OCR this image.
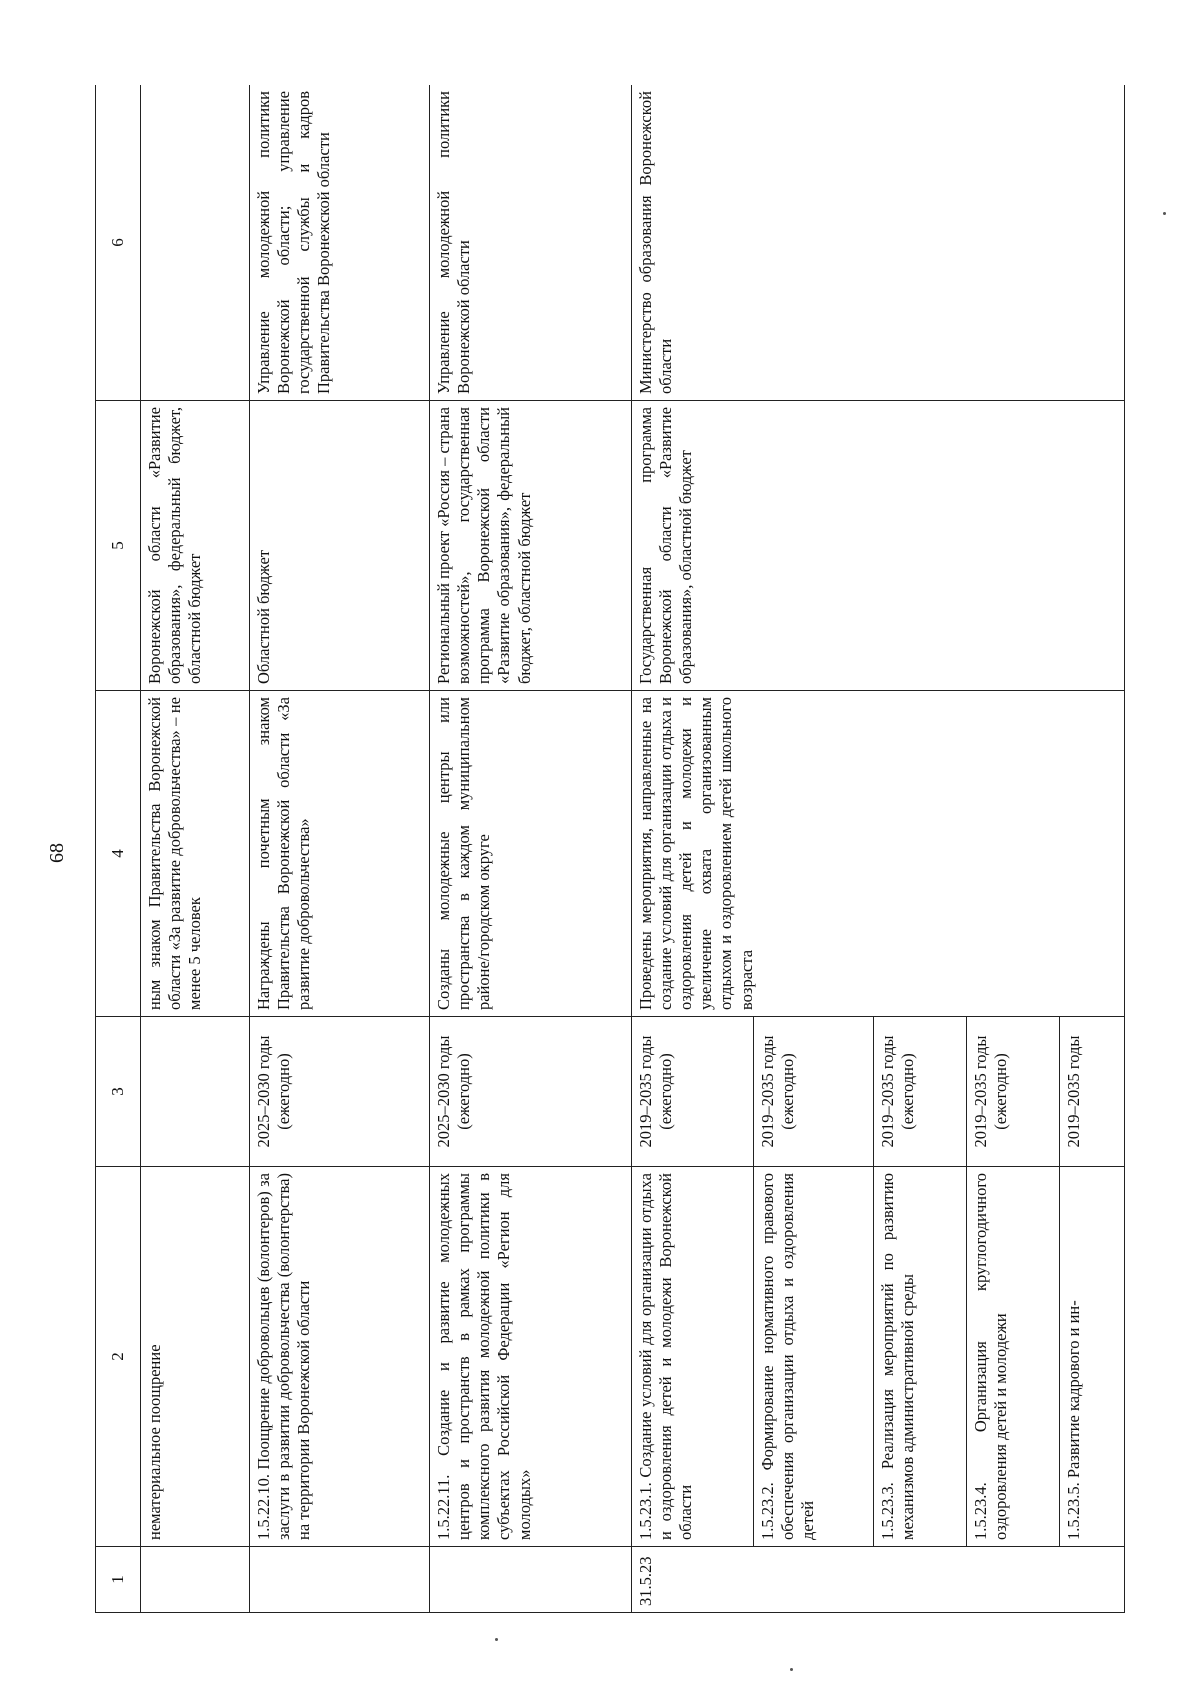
68
1	2	3	4	5	6
	нематериальное поощрение		ным знаком Правительства Воронежской области «За развитие добровольчества» – не менее 5 человек	Воронежской области «Развитие образования», федеральный бюджет, областной бюджет	
	1.5.22.10. Поощрение добровольцев (волонтеров) за заслуги в развитии добровольчества (волонтерства) на территории Воронежской области	2025–2030 годы (ежегодно)	Награждены почетным знаком Правительства Воронежской области «За развитие добровольчества»	Областной бюджет	Управление молодежной политики Воронежской области; управление государственной службы и кадров Правительства Воронежской области
	1.5.22.11. Создание и развитие молодежных центров и пространств в рамках программы комплексного развития молодежной политики в субъектах Российской Федерации «Регион для молодых»	2025–2030 годы (ежегодно)	Созданы молодежные центры или пространства в каждом муниципальном районе/городском округе	Региональный проект «Россия – страна возможностей», государственная программа Воронежской области «Развитие образования», федеральный бюджет, областной бюджет	Управление молодежной политики Воронежской области
31.5.23	1.5.23.1. Создание условий для организации отдыха и оздоровления детей и молодежи Воронежской области	2019–2035 годы (ежегодно)	Проведены мероприятия, направленные на создание условий для организации отдыха и оздоровления детей и молодежи и увеличение охвата организованным отдыхом и оздоровлением детей школьного возраста	Государственная программа Воронежской области «Развитие образования», областной бюджет	Министерство образования Воронежской области
	1.5.23.2. Формирование нормативного правового обеспечения организации отдыха и оздоровления детей	2019–2035 годы (ежегодно)			
	1.5.23.3. Реализация мероприятий по развитию механизмов административной среды	2019–2035 годы (ежегодно)			
	1.5.23.4. Организация круглогодичного оздоровления детей и молодежи	2019–2035 годы (ежегодно)			
	1.5.23.5. Развитие кадрового и ин-	2019–2035 годы			
